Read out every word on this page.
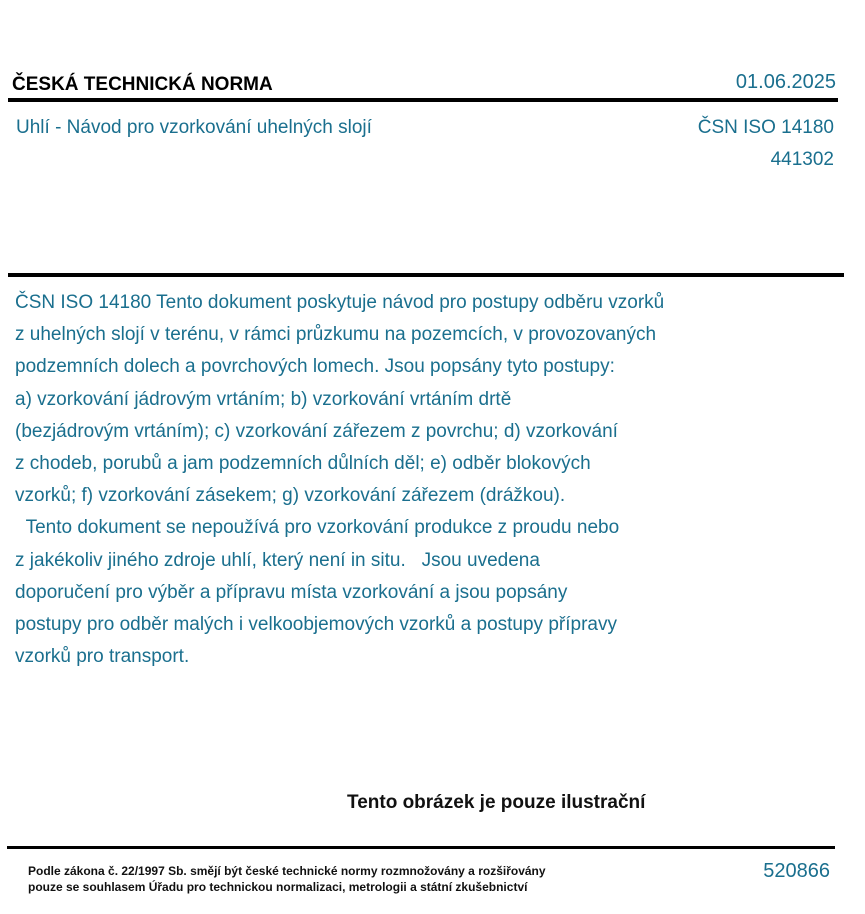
ČESKÁ TECHNICKÁ NORMA	01.06.2025
Uhlí - Návod pro vzorkování uhelných slojí	ČSN ISO 14180
441302
ČSN ISO 14180 Tento dokument poskytuje návod pro postupy odběru vzorků
z uhelných slojí v terénu, v rámci průzkumu na pozemcích, v provozovaných
podzemních dolech a povrchových lomech. Jsou popsány tyto postupy:
a) vzorkování jádrovým vrtáním; b) vzorkování vrtáním drtě
(bezjádrovým vrtáním); c) vzorkování zářezem z povrchu; d) vzorkování
z chodeb, porubů a jam podzemních důlních děl; e) odběr blokových
vzorků; f) vzorkování zásekem; g) vzorkování zářezem (drážkou).
Tento dokument se nepoužívá pro vzorkování produkce z proudu nebo
z jakékoliv jiného zdroje uhlí, který není in situ.   Jsou uvedena
doporučení pro výběr a přípravu místa vzorkování a jsou popsány
postupy pro odběr malých i velkoobjemových vzorků a postupy přípravy
vzorků pro transport.
Tento obrázek je pouze ilustrační
Podle zákona č. 22/1997 Sb. smějí být české technické normy rozmnožovány a rozšiřovány
pouze se souhlasem Úřadu pro technickou normalizaci, metrologii a státní zkušebnictví
520866
